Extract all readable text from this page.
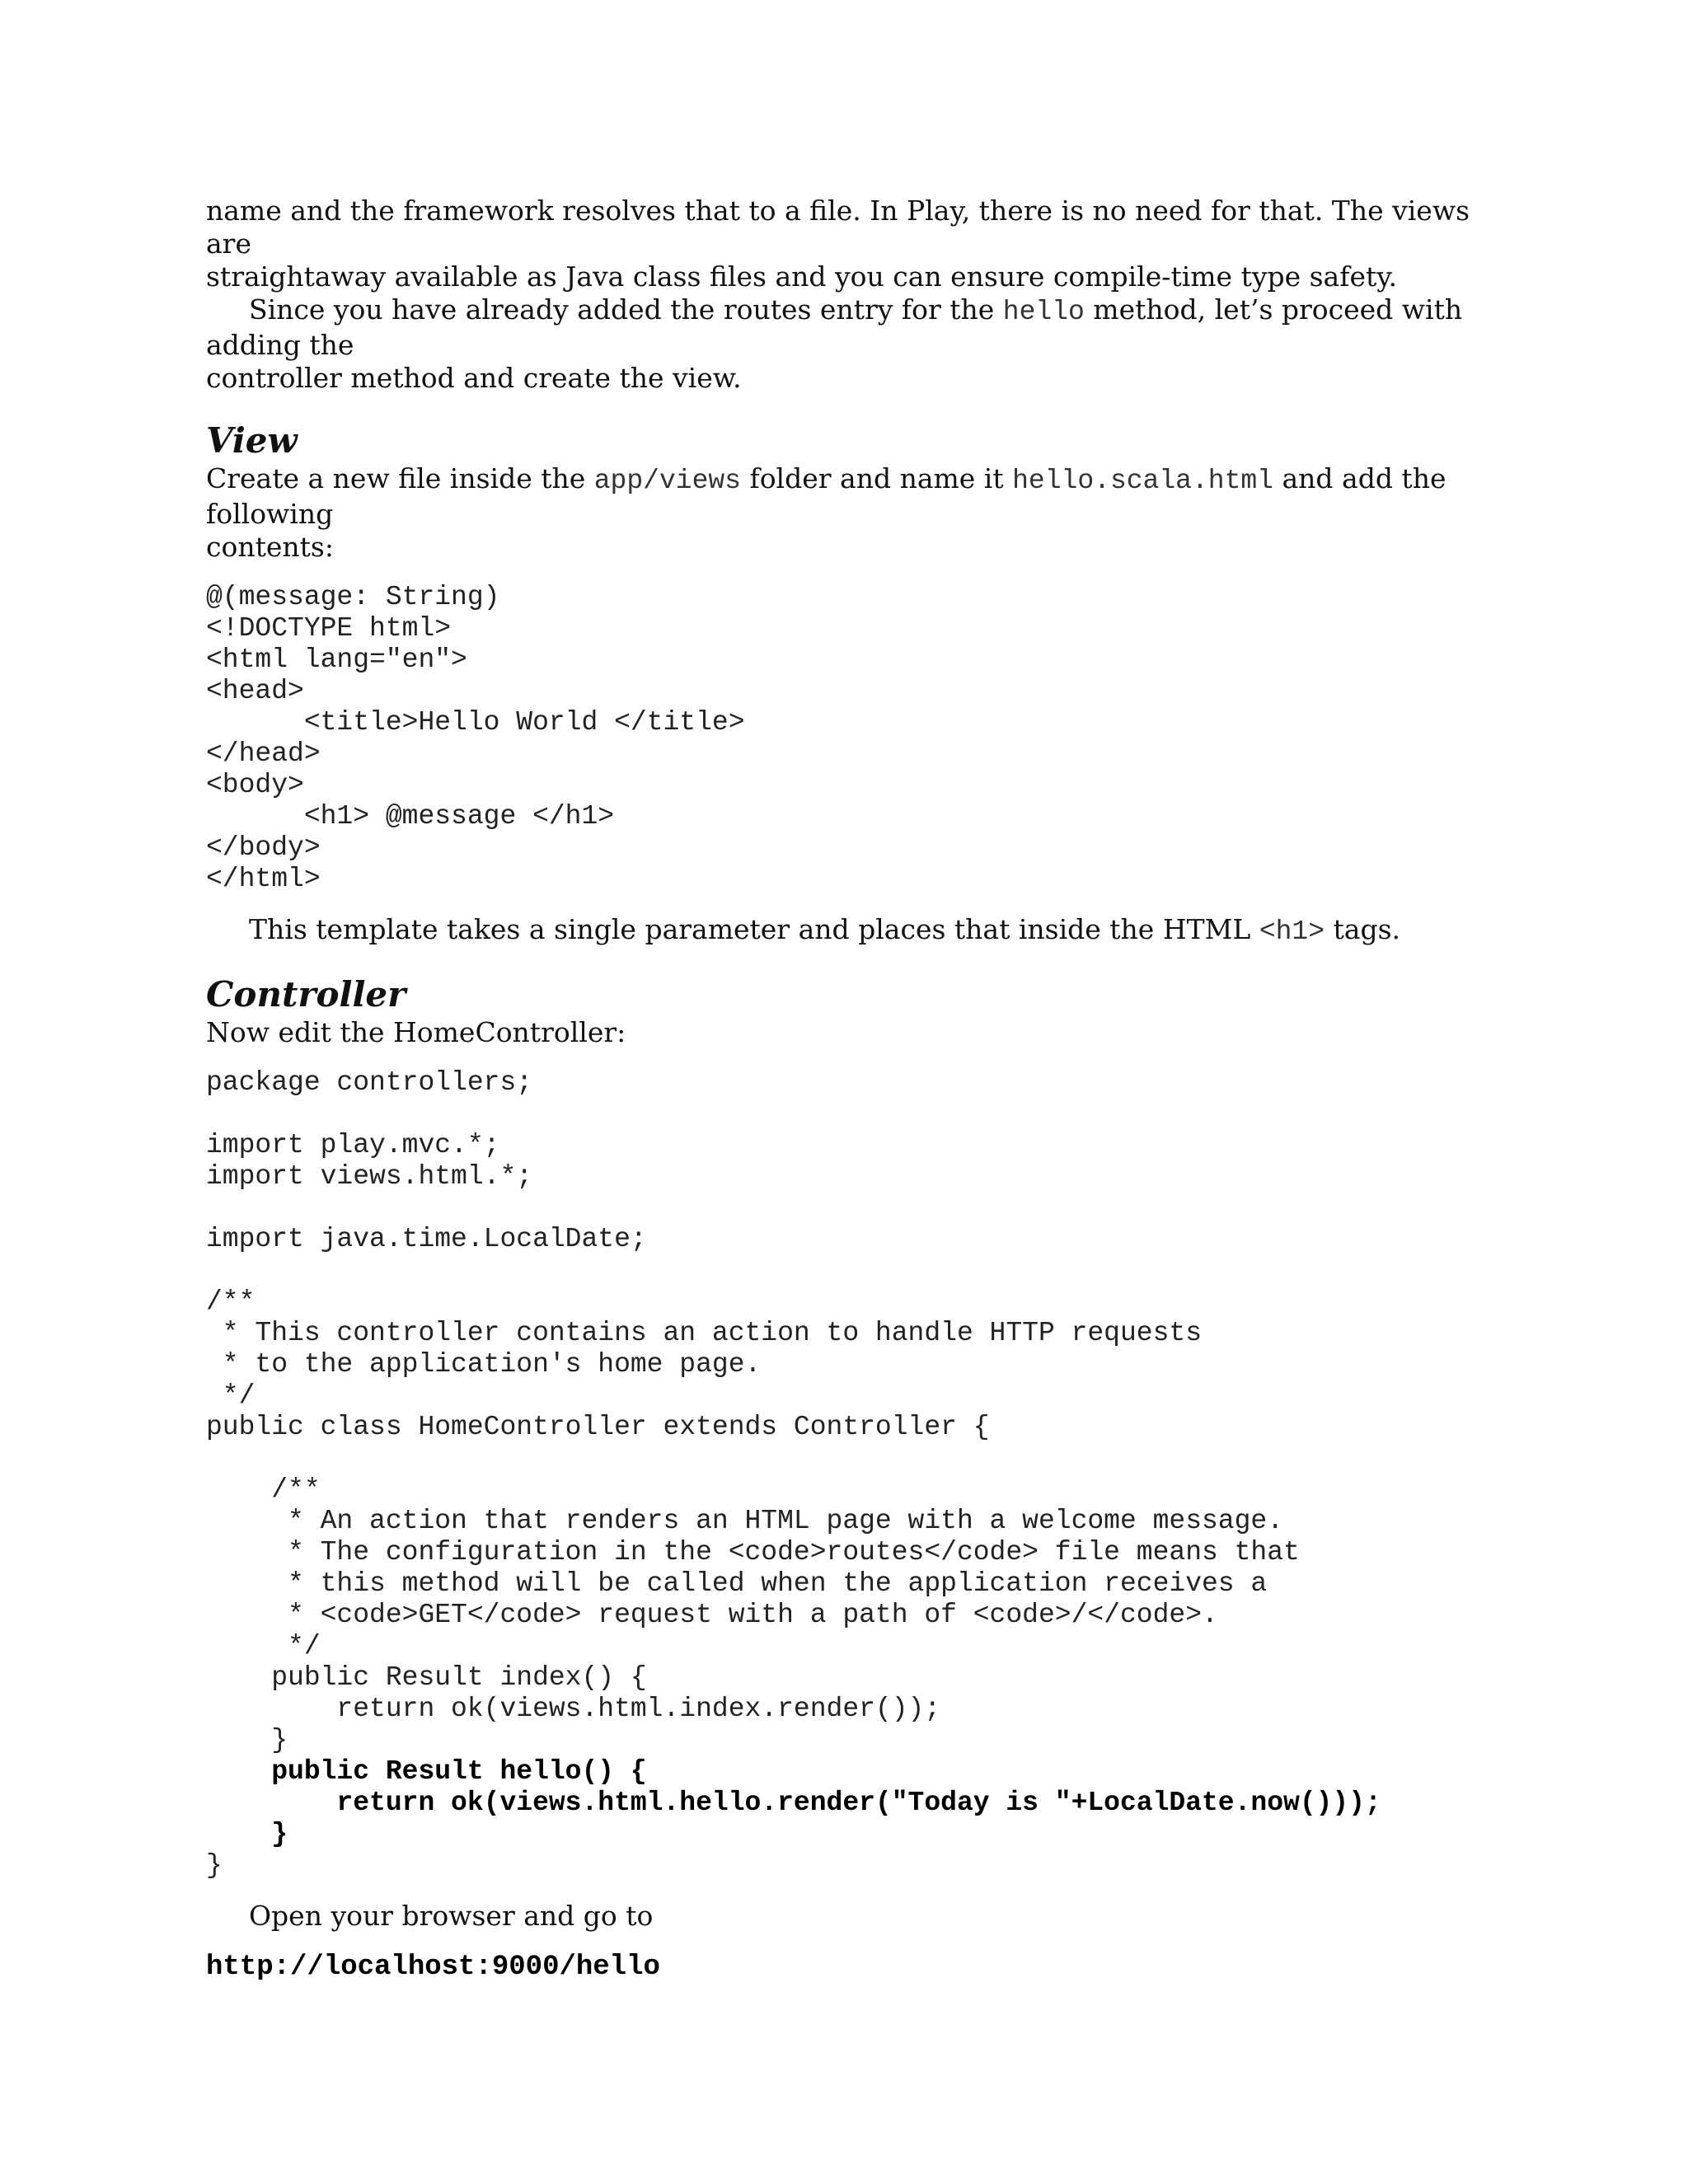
name and the framework resolves that to a file. In Play, there is no need for that. The views are
straightaway available as Java class files and you can ensure compile-time type safety.

Since you have already added the routes entry for the hello method, let’s proceed with adding the
controller method and create the view.

View

Create a new file inside the app/views folder and name it hello.scala.html and add the following
contents:

@(message: String)
<!DOCTYPE html>
<html lang="en">
<head>
<title>Hello World </title>
</head>
<body>
<h1> @message </h1>
</body>
</html>

This template takes a single parameter and places that inside the HTML <h1> tags.

Controller

Now edit the HomeController:

package controllers;

import play.mvc.*;
import views.html.*;

import java.time.LocalDate;

/**
* This controller contains an action to handle HTTP requests
* to the application's home page.
*/
public class HomeController extends Controller {

/**
* An action that renders an HTML page with a welcome message.
* The configuration in the <code>routes</code> file means that
* this method will be called when the application receives a
* <code>GET</code> request with a path of <code>/</code>.
*/
public Result index() {
return ok(views.html.index.render());
}
public Result hello() {
return ok(views.html.hello.render("Today is "+LocalDate.now()));
}
}

Open your browser and go to

http://localhost:9000/hello
